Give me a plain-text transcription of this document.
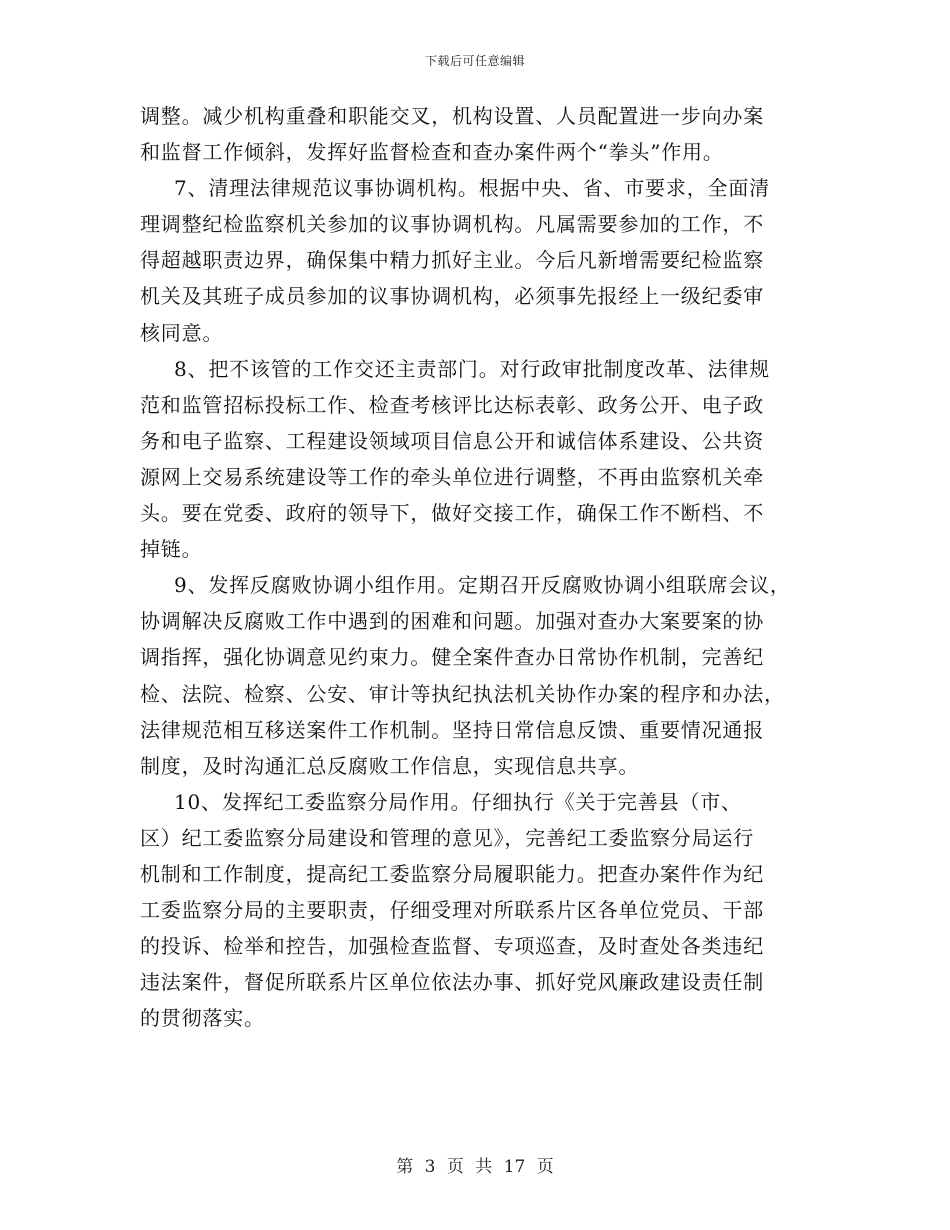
下载后可任意编辑
调整。减少机构重叠和职能交叉，机构设置、人员配置进一步向办案
和监督工作倾斜，发挥好监督检查和查办案件两个“拳头”作用。
7、清理法律规范议事协调机构。根据中央、省、市要求，全面清
理调整纪检监察机关参加的议事协调机构。凡属需要参加的工作，不
得超越职责边界，确保集中精力抓好主业。今后凡新增需要纪检监察
机关及其班子成员参加的议事协调机构，必须事先报经上一级纪委审
核同意。
8、把不该管的工作交还主责部门。对行政审批制度改革、法律规
范和监管招标投标工作、检查考核评比达标表彰、政务公开、电子政
务和电子监察、工程建设领域项目信息公开和诚信体系建设、公共资
源网上交易系统建设等工作的牵头单位进行调整，不再由监察机关牵
头。要在党委、政府的领导下，做好交接工作，确保工作不断档、不
掉链。
9、发挥反腐败协调小组作用。定期召开反腐败协调小组联席会议，
协调解决反腐败工作中遇到的困难和问题。加强对查办大案要案的协
调指挥，强化协调意见约束力。健全案件查办日常协作机制，完善纪
检、法院、检察、公安、审计等执纪执法机关协作办案的程序和办法，
法律规范相互移送案件工作机制。坚持日常信息反馈、重要情况通报
制度，及时沟通汇总反腐败工作信息，实现信息共享。
10、发挥纪工委监察分局作用。仔细执行《关于完善县（市、
区）纪工委监察分局建设和管理的意见》，完善纪工委监察分局运行
机制和工作制度，提高纪工委监察分局履职能力。把查办案件作为纪
工委监察分局的主要职责，仔细受理对所联系片区各单位党员、干部
的投诉、检举和控告，加强检查监督、专项巡查，及时查处各类违纪
违法案件，督促所联系片区单位依法办事、抓好党风廉政建设责任制
的贯彻落实。
第 3 页 共 17 页
